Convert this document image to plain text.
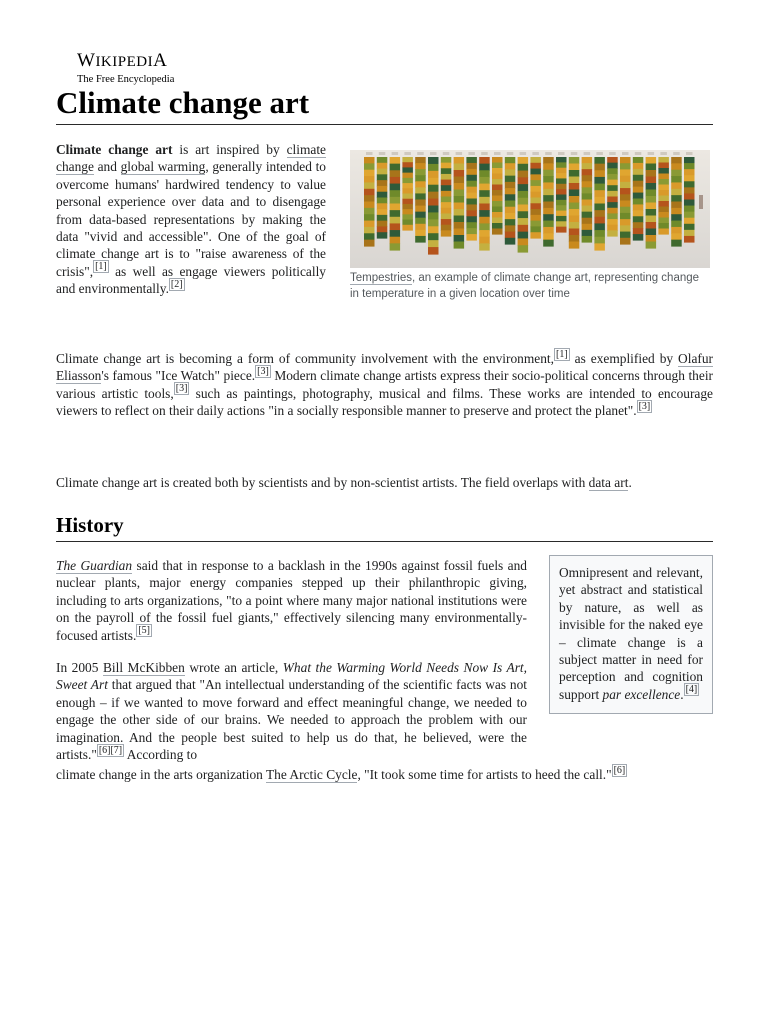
WIKIPEDIA
The Free Encyclopedia
Climate change art
Climate change art is art inspired by climate change and global warming, generally intended to overcome humans' hardwired tendency to value personal experience over data and to disengage from data-based representations by making the data "vivid and accessible". One of the goal of climate change art is to "raise awareness of the crisis", [1] as well as engage viewers politically and environmentally. [2]
Tempestries, an example of climate change art, representing change in temperature in a given location over time
Climate change art is becoming a form of community involvement with the environment, [1] as exemplified by Olafur Eliasson's famous "Ice Watch" piece. [3] Modern climate change artists express their socio-political concerns through their various artistic tools, [3] such as paintings, photography, musical and films. These works are intended to encourage viewers to reflect on their daily actions "in a socially responsible manner to preserve and protect the planet". [3]
Climate change art is created both by scientists and by non-scientist artists. The field overlaps with data art.
History
The Guardian said that in response to a backlash in the 1990s against fossil fuels and nuclear plants, major energy companies stepped up their philanthropic giving, including to arts organizations, "to a point where many major national institutions were on the payroll of the fossil fuel giants," effectively silencing many environmentally-focused artists. [5]
In 2005 Bill McKibben wrote an article, What the Warming World Needs Now Is Art, Sweet Art that argued that "An intellectual understanding of the scientific facts was not enough – if we wanted to move forward and effect meaningful change, we needed to engage the other side of our brains. We needed to approach the problem with our imagination. And the people best suited to help us do that, he believed, were the artists." [6][7] According to
climate change in the arts organization The Arctic Cycle, "It took some time for artists to heed the call." [6]
Omnipresent and relevant, yet abstract and statistical by nature, as well as invisible for the naked eye – climate change is a subject matter in need for perception and cognition support par excellence. [4]
